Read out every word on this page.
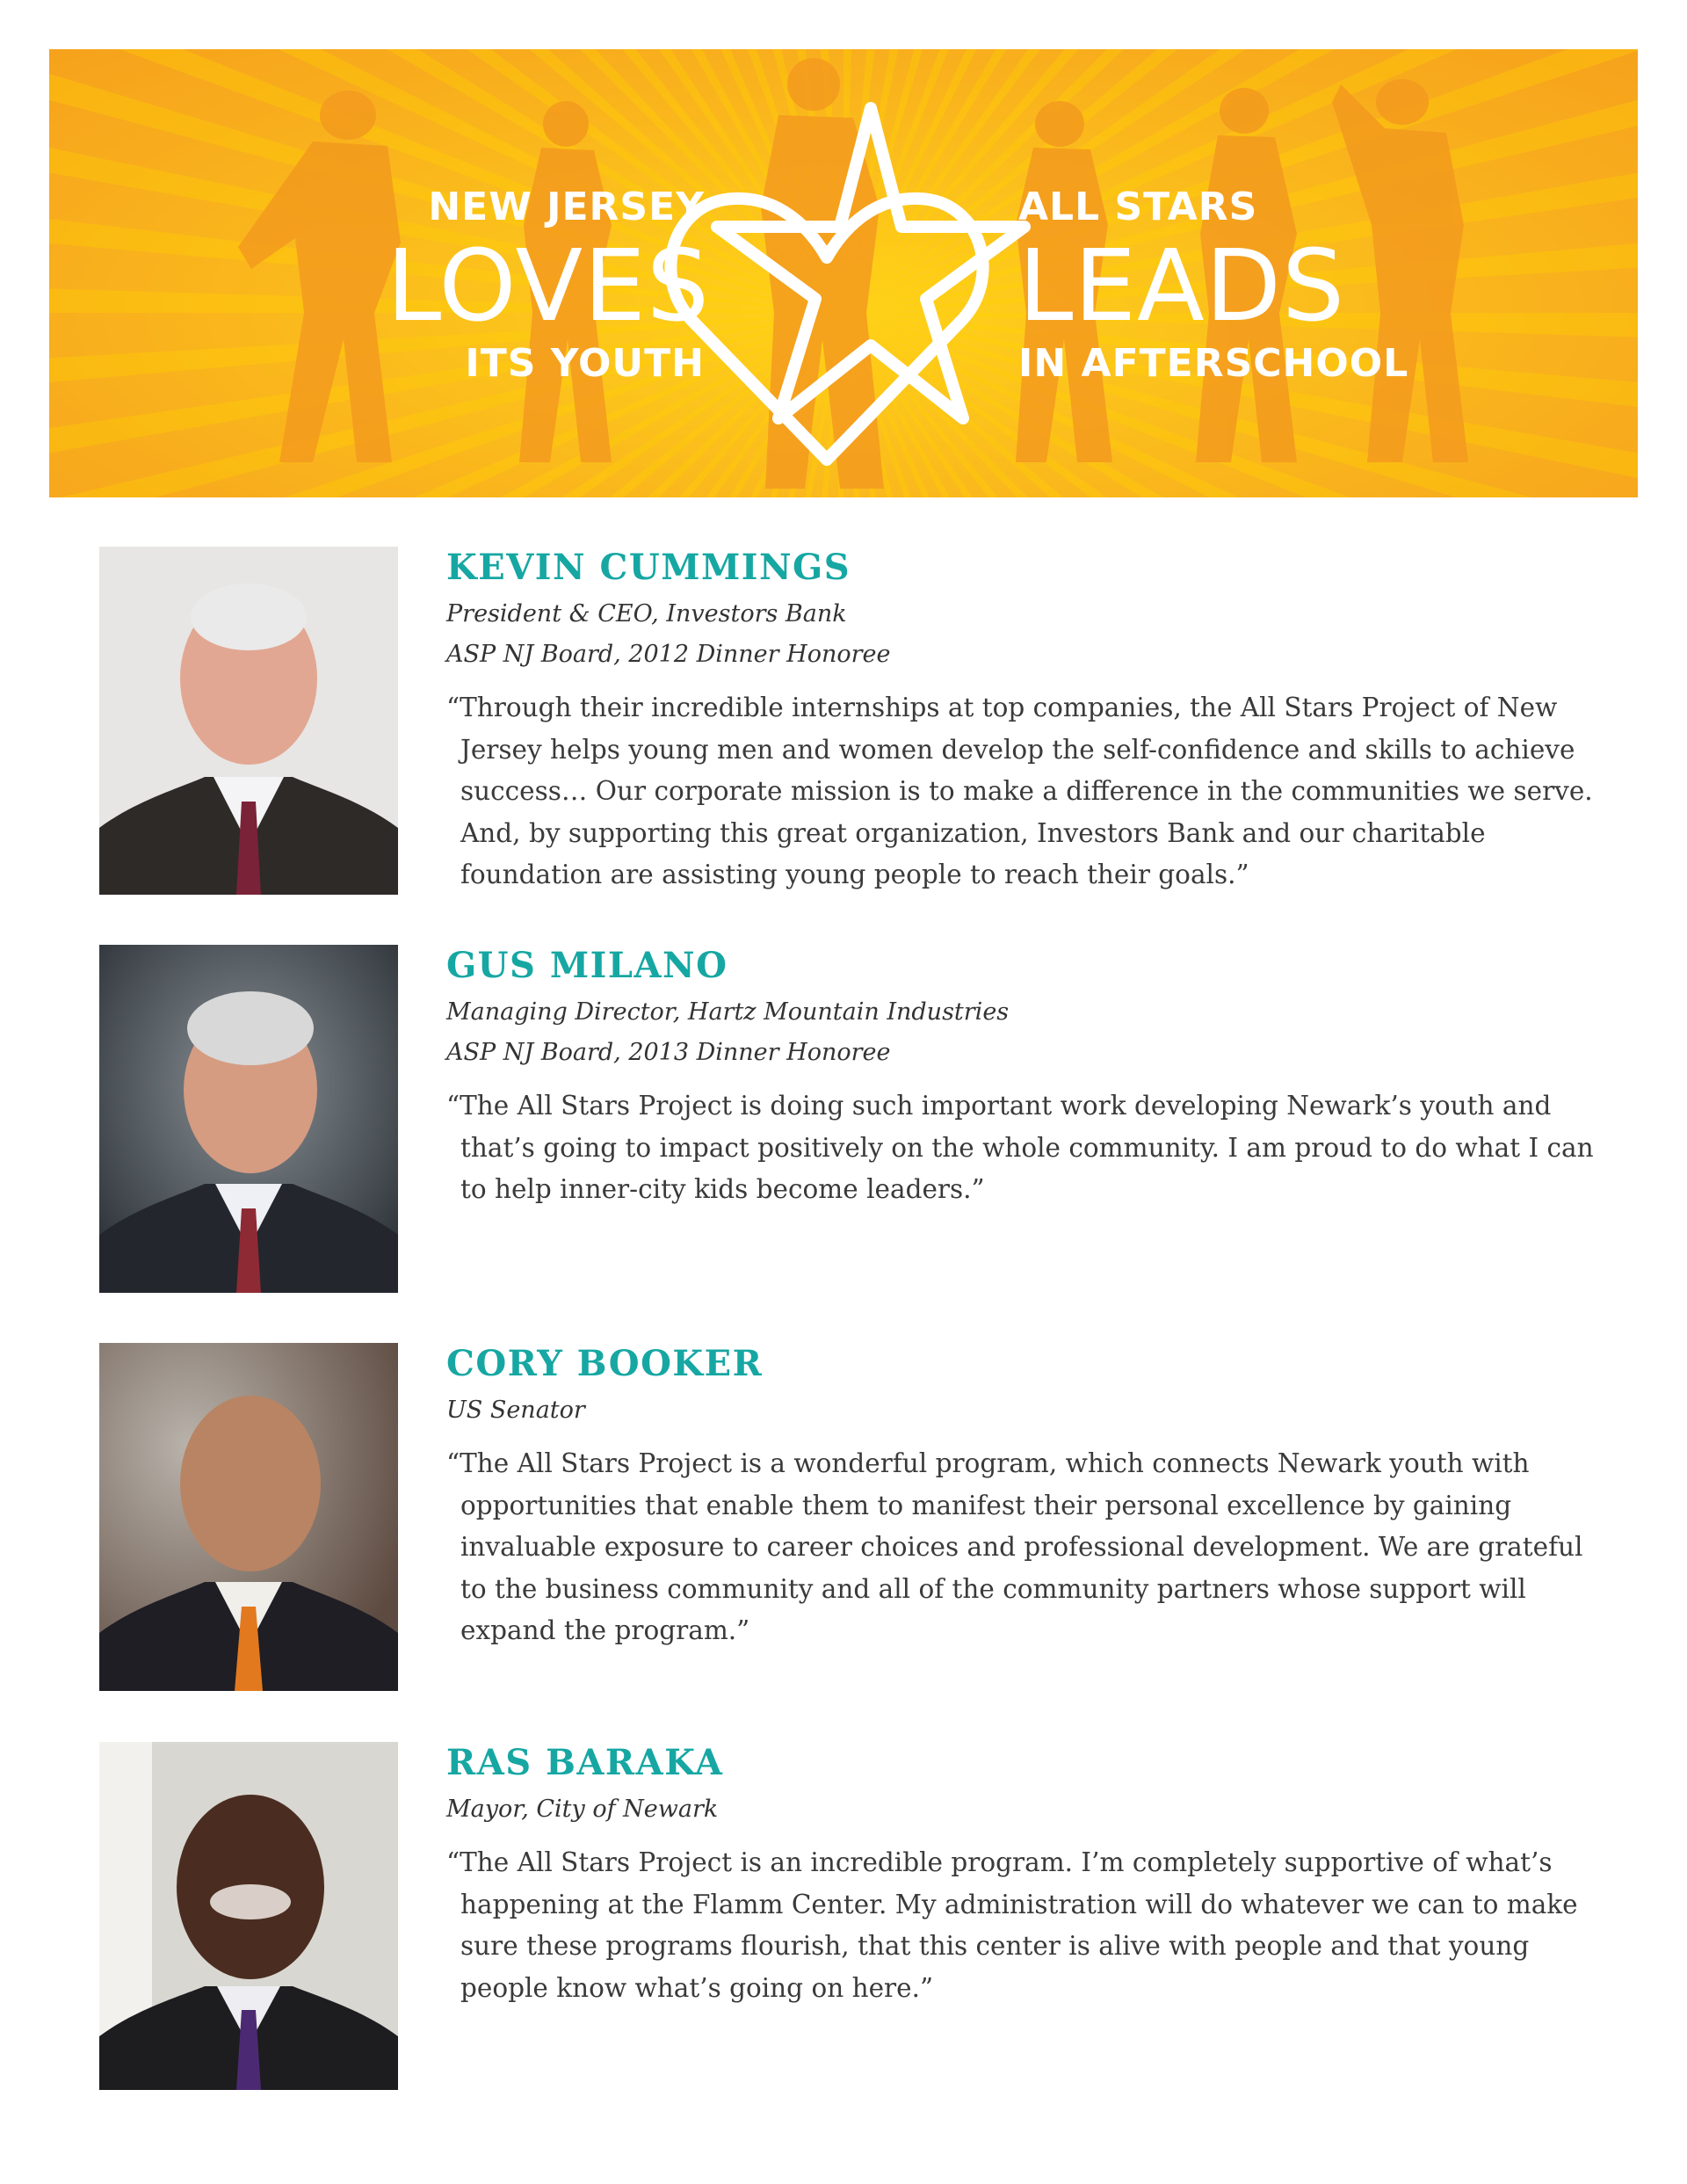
NEW JERSEY
LOVES
ITS YOUTH
ALL STARS
LEADS
IN AFTERSCHOOL
KEVIN CUMMINGS

President & CEO, Investors Bank

ASP NJ Board, 2012 Dinner Honoree

“Through their incredible internships at top companies, the All Stars Project of New Jersey helps young men and women develop the self-confidence and skills to achieve success… Our corporate mission is to make a difference in the communities we serve. And, by supporting this great organization, Investors Bank and our charitable foundation are assisting young people to reach their goals.”

GUS MILANO

Managing Director, Hartz Mountain Industries

ASP NJ Board, 2013 Dinner Honoree

“The All Stars Project is doing such important work developing Newark’s youth and that’s going to impact positively on the whole community. I am proud to do what I can to help inner-city kids become leaders.”

CORY BOOKER

US Senator

“The All Stars Project is a wonderful program, which connects Newark youth with opportunities that enable them to manifest their personal excellence by gaining invaluable exposure to career choices and professional development. We are grateful to the business community and all of the community partners whose support will expand the program.”

RAS BARAKA

Mayor, City of Newark

“The All Stars Project is an incredible program. I’m completely supportive of what’s happening at the Flamm Center. My administration will do whatever we can to make sure these programs flourish, that this center is alive with people and that young people know what’s going on here.”
